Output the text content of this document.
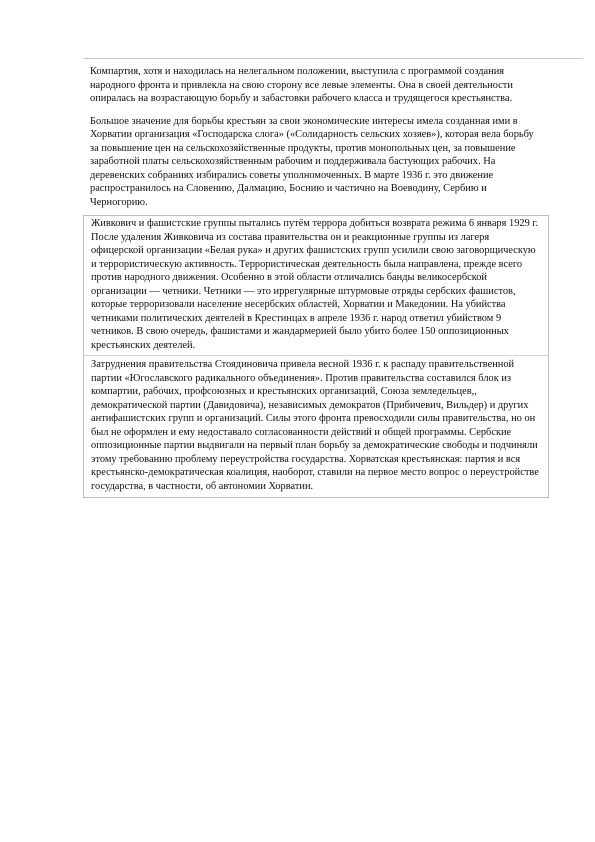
Компартия, хотя и находилась на нелегальном положении, выступила с программой создания народного фронта и привлекла на свою сторону все левые элементы. Она в своей деятельности опиралась на возрастающую борьбу и забастовки рабочего класса и трудящегося крестьянства.

Большое значение для борьбы крестьян за свои экономические интересы имела созданная ими в Хорватии организация «Господарска слога» («Солидарность сельских хозяев»), которая вела борьбу за повышение цен на сельскохозяйственные продукты, против монопольных цен, за повышение заработной платы сельскохозяйственным рабочим и поддерживала бастующих рабочих. На деревенских собраниях избирались советы уполномоченных. В марте 1936 г. это движение распространилось на Словению, Далмацию, Боснию и частично на Воеводину, Сербию и Черногорию.

Живкович и фашистские группы пытались путём террора добиться возврата режима 6 января 1929 г. После удаления Живковича из состава правительства он и реакционные группы из лагеря офицерской организации «Белая рука» и других фашистских групп усилили свою заговорщическую и террористическую активность. Террористическая деятельность была направлена, прежде всего против народного движения. Особенно в этой области отличались банды великосербской организации — четники. Четники — это иррегулярные штурмовые отряды сербских фашистов, которые терроризовали население несербских областей, Хорватии и Македонии. На убийства четниками политических деятелей в Крестинцах в апреле 1936 г. народ ответил убийством 9 четников. В свою очередь, фашистами и жандармерией было убито более 150 оппозиционных крестьянских деятелей.

Затруднения правительства Стоядиновича привела весной 1936 г. к распаду правительственной партии «Югославского радикального объединения». Против правительства составился блок из компартии, рабочих, профсоюзных и крестьянских организаций, Союза земледельцев,, демократической партии (Давидовича), независимых демократов (Прибичевич, Вильдер) и других антифашистских групп и организаций. Силы этого фронта превосходили силы правительства, но он был не оформлен и ему недоставало согласованности действий и общей программы. Сербские оппозиционные партии выдвигали на первый план борьбу за демократические свободы и подчиняли этому требованию проблему переустройства государства. Хорватская крестьянская: партия и вся крестьянско-демократическая коалиция, наоборот, ставили на первое место вопрос о переустройстве государства, в частности, об автономии Хорватии.
